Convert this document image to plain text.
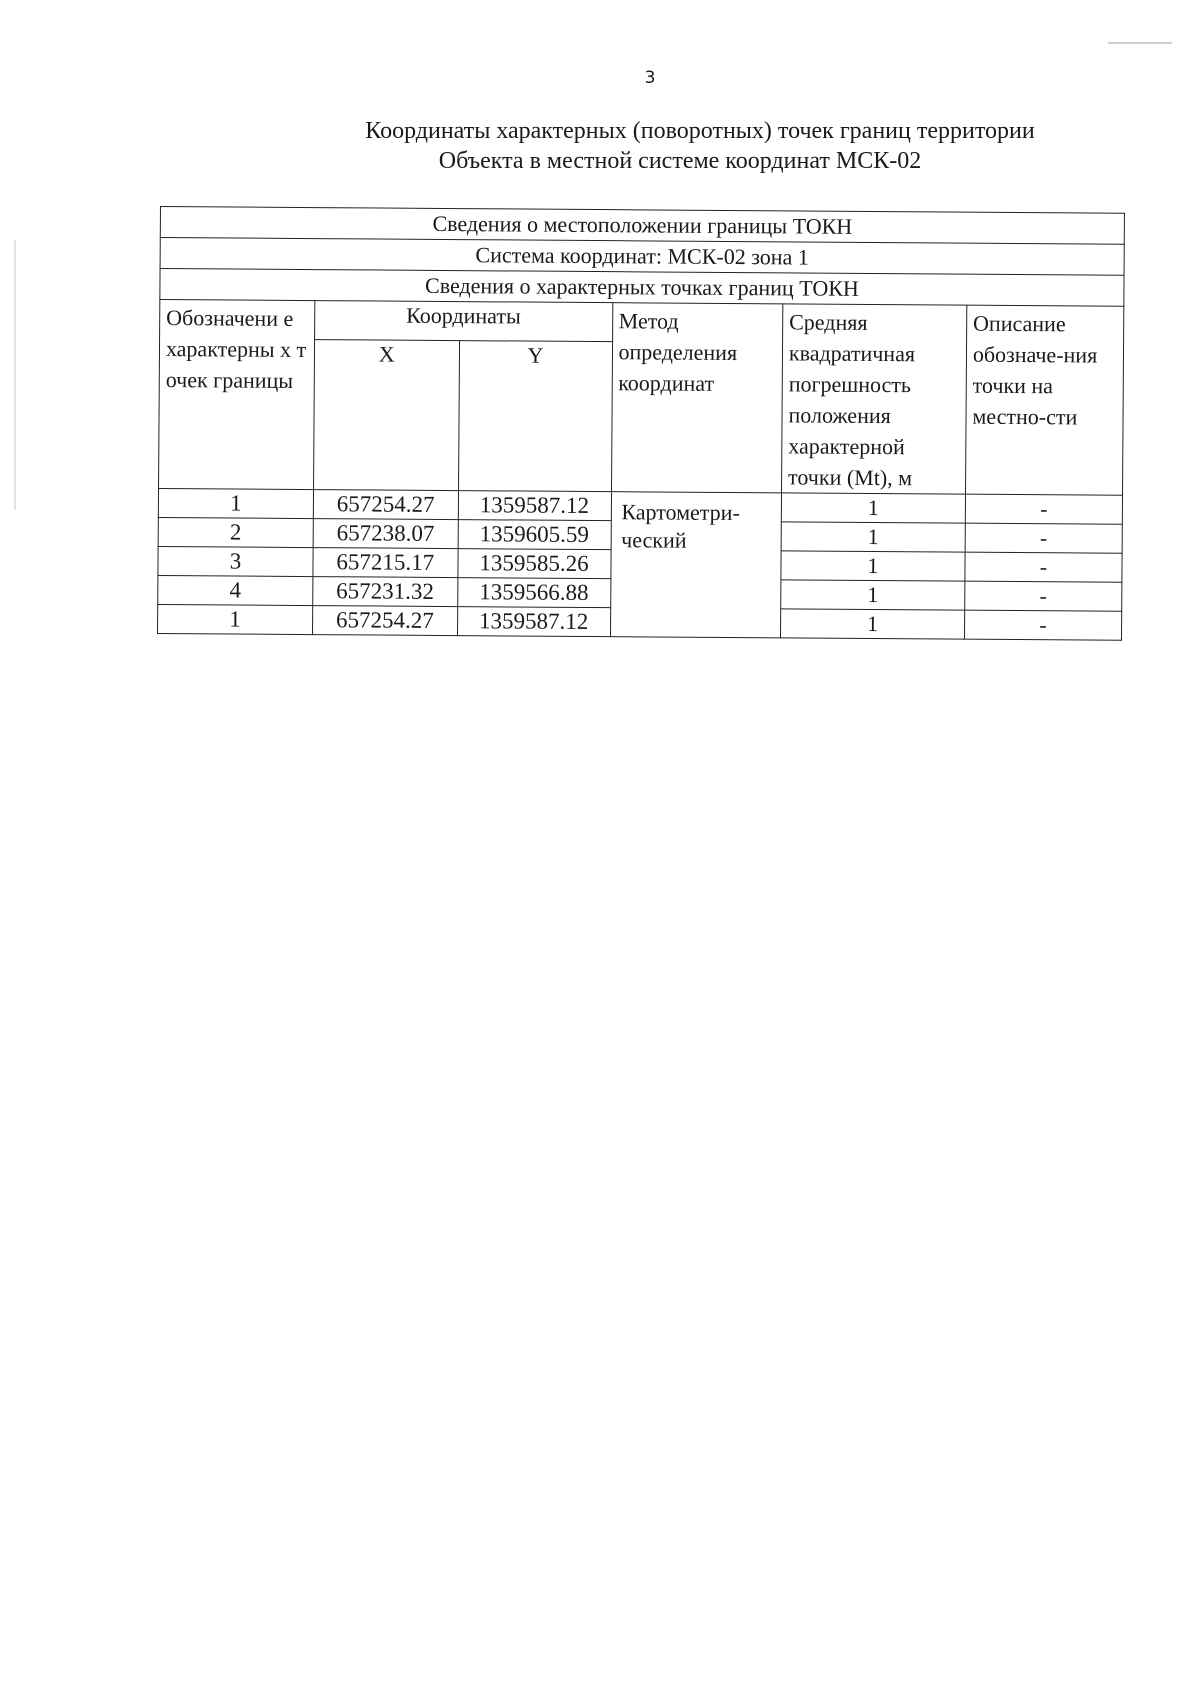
3
Координаты характерных (поворотных) точек границ территории
Объекта в местной системе координат МСК-02
Сведения о местоположении границы ТОКН					
Система координат: МСК-02 зона 1					
Сведения о характерных точках границ ТОКН					
Обозначени е характерны х точек границы	Координаты		Метод определения координат	Средняя квадратичная погрешность положения характерной точки (Mt), м	Описание обозначе-ния точки на местно-сти
	X	Y			
1	657254.27	1359587.12	Картометри-ческий	1	-
2	657238.07	1359605.59		1	-
3	657215.17	1359585.26		1	-
4	657231.32	1359566.88		1	-
1	657254.27	1359587.12		1	-
